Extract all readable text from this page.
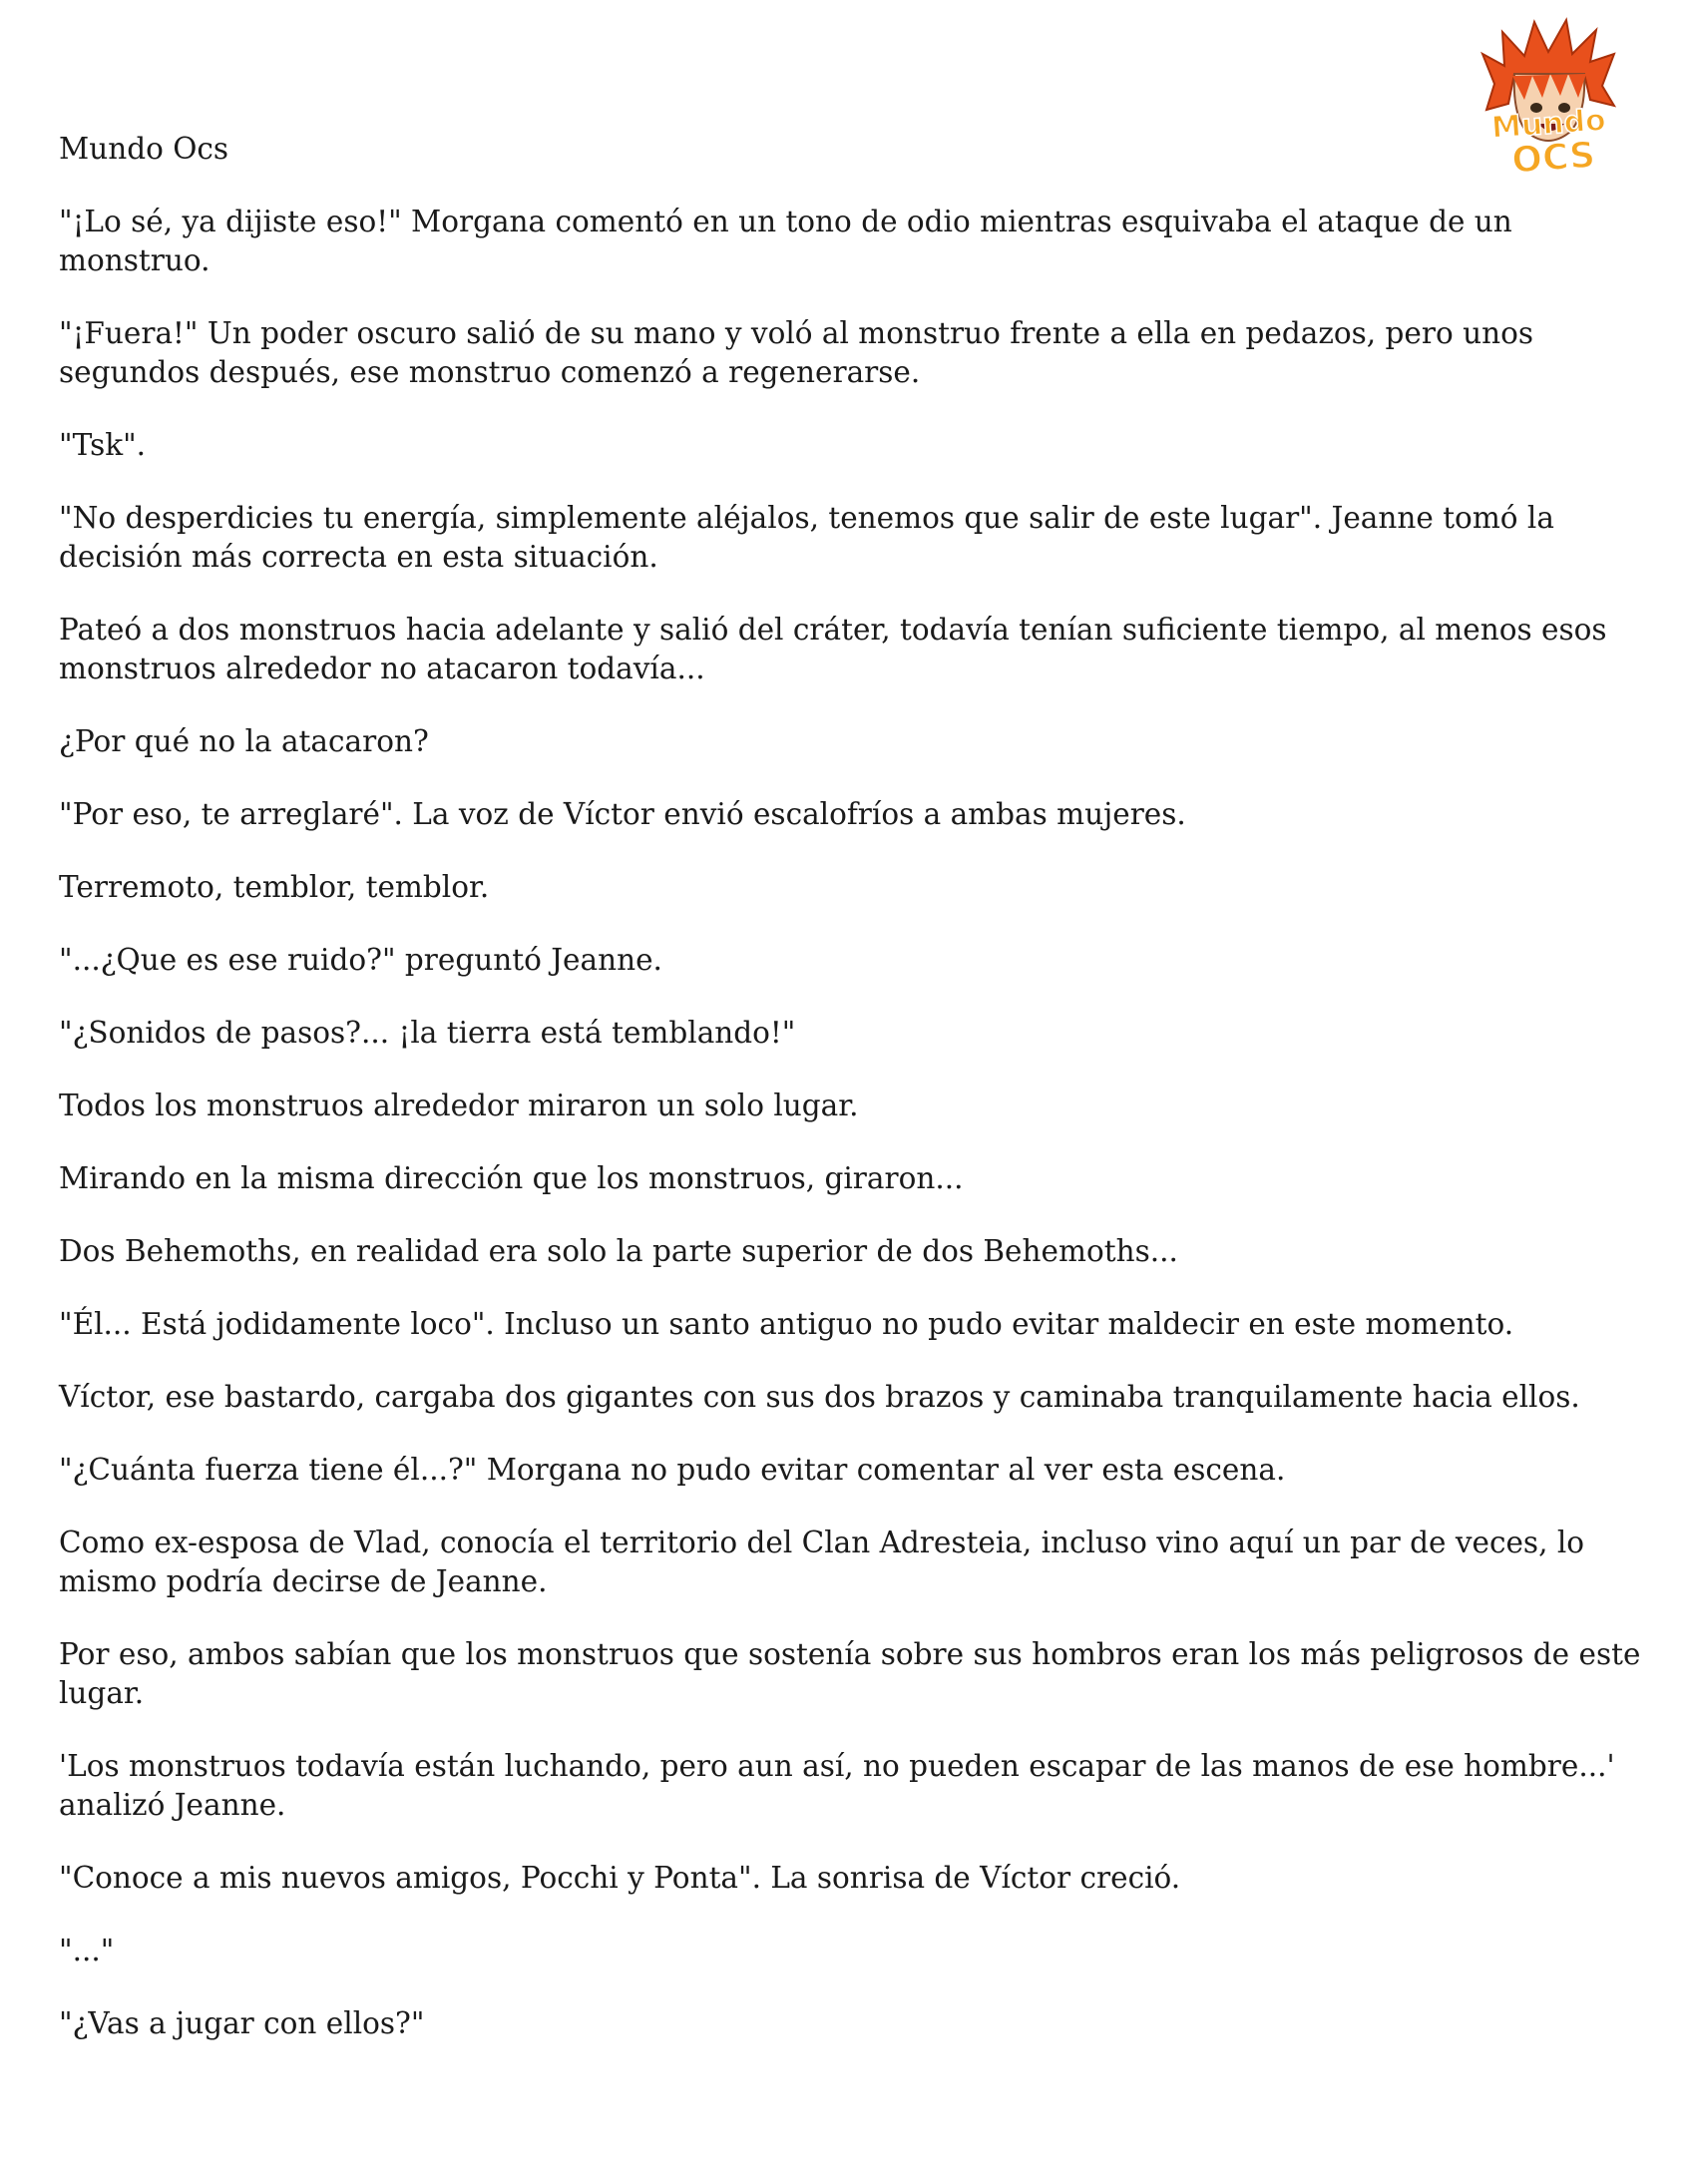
Mundo
OCS

Mundo Ocs

"¡Lo sé, ya dijiste eso!" Morgana comentó en un tono de odio mientras esquivaba el ataque de un monstruo.

"¡Fuera!" Un poder oscuro salió de su mano y voló al monstruo frente a ella en pedazos, pero unos segundos después, ese monstruo comenzó a regenerarse.

"Tsk".

"No desperdicies tu energía, simplemente aléjalos, tenemos que salir de este lugar". Jeanne tomó la decisión más correcta en esta situación.

Pateó a dos monstruos hacia adelante y salió del cráter, todavía tenían suficiente tiempo, al menos esos monstruos alrededor no atacaron todavía...

¿Por qué no la atacaron?

"Por eso, te arreglaré". La voz de Víctor envió escalofríos a ambas mujeres.

Terremoto, temblor, temblor.

"...¿Que es ese ruido?" preguntó Jeanne.

"¿Sonidos de pasos?... ¡la tierra está temblando!"

Todos los monstruos alrededor miraron un solo lugar.

Mirando en la misma dirección que los monstruos, giraron...

Dos Behemoths, en realidad era solo la parte superior de dos Behemoths...

"Él... Está jodidamente loco". Incluso un santo antiguo no pudo evitar maldecir en este momento.

Víctor, ese bastardo, cargaba dos gigantes con sus dos brazos y caminaba tranquilamente hacia ellos.

"¿Cuánta fuerza tiene él...?" Morgana no pudo evitar comentar al ver esta escena.

Como ex-esposa de Vlad, conocía el territorio del Clan Adresteia, incluso vino aquí un par de veces, lo mismo podría decirse de Jeanne.

Por eso, ambos sabían que los monstruos que sostenía sobre sus hombros eran los más peligrosos de este lugar.

'Los monstruos todavía están luchando, pero aun así, no pueden escapar de las manos de ese hombre...' analizó Jeanne.

"Conoce a mis nuevos amigos, Pocchi y Ponta". La sonrisa de Víctor creció.

"..."

"¿Vas a jugar con ellos?"
